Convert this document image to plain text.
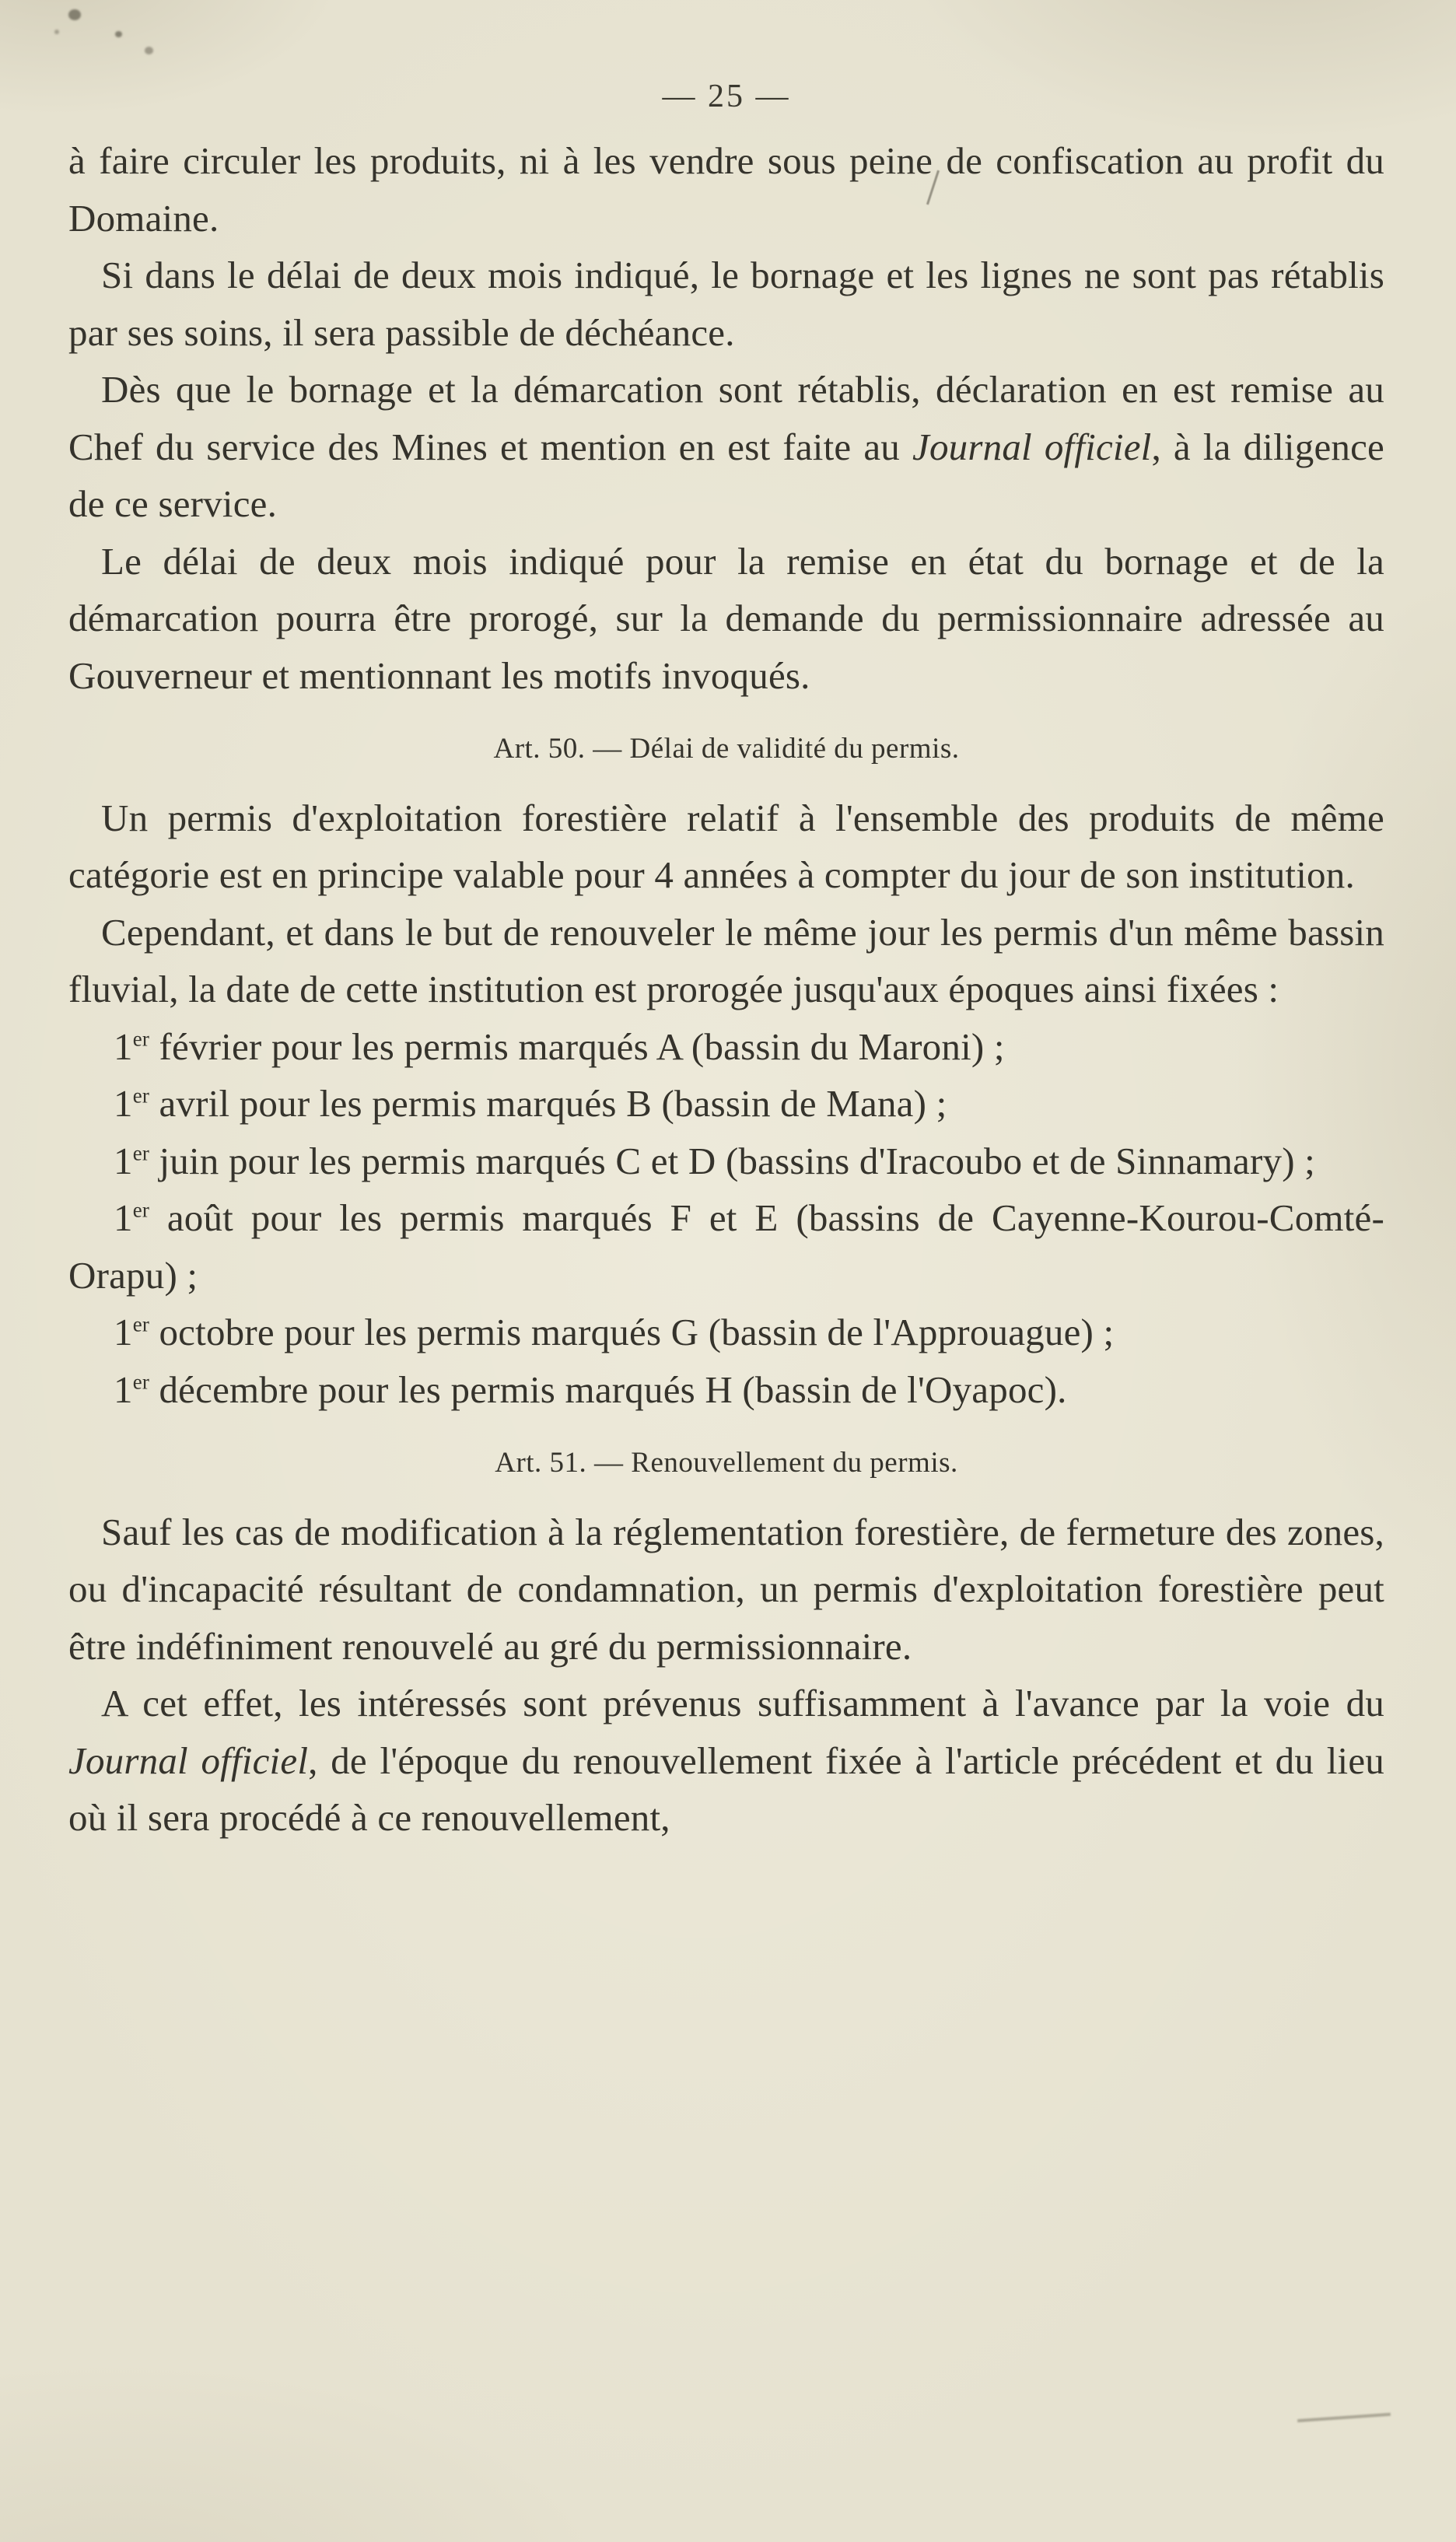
— 25 —

à faire circuler les produits, ni à les vendre sous peine de confiscation au profit du Domaine.

Si dans le délai de deux mois indiqué, le bornage et les lignes ne sont pas rétablis par ses soins, il sera passible de déchéance.

Dès que le bornage et la démarcation sont rétablis, déclaration en est remise au Chef du service des Mines et mention en est faite au Journal officiel, à la diligence de ce service.

Le délai de deux mois indiqué pour la remise en état du bornage et de la démarcation pourra être prorogé, sur la demande du permissionnaire adressée au Gouverneur et mentionnant les motifs invoqués.

Art. 50. — Délai de validité du permis.

Un permis d'exploitation forestière relatif à l'ensemble des produits de même catégorie est en principe valable pour 4 années à compter du jour de son institution.

Cependant, et dans le but de renouveler le même jour les permis d'un même bassin fluvial, la date de cette institution est prorogée jusqu'aux époques ainsi fixées :

1er février pour les permis marqués A (bassin du Maroni) ;

1er avril pour les permis marqués B (bassin de Mana) ;

1er juin pour les permis marqués C et D (bassins d'Iracoubo et de Sinnamary) ;

1er août pour les permis marqués F et E (bassins de Cayenne-Kourou-Comté-Orapu) ;

1er octobre pour les permis marqués G (bassin de l'Approuague) ;

1er décembre pour les permis marqués H (bassin de l'Oyapoc).

Art. 51. — Renouvellement du permis.

Sauf les cas de modification à la réglementation forestière, de fermeture des zones, ou d'incapacité résultant de condamnation, un permis d'exploitation forestière peut être indéfiniment renouvelé au gré du permissionnaire.

A cet effet, les intéressés sont prévenus suffisamment à l'avance par la voie du Journal officiel, de l'époque du renouvellement fixée à l'article précédent et du lieu où il sera procédé à ce renouvellement,
